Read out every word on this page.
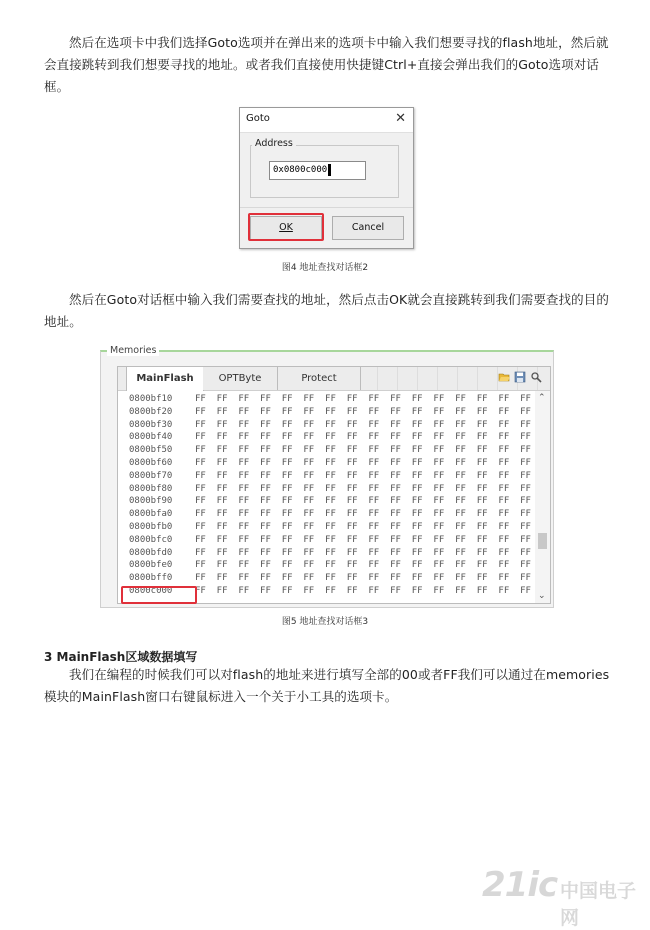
然后在选项卡中我们选择Goto选项并在弹出来的选项卡中输入我们想要寻找的flash地址，然后就会直接跳转到我们想要寻找的地址。或者我们直接使用快捷键Ctrl+直接会弹出我们的Goto选项对话框。
Goto	✕
Address
0x0800c000
OK	Cancel
图4 地址查找对话框2
然后在Goto对话框中输入我们需要查找的地址，然后点击OK就会直接跳转到我们需要查找的目的地址。
MainFlash	OPTByte	Protect
0800bf10	FF  FF  FF  FF  FF  FF  FF  FF  FF  FF  FF  FF  FF  FF  FF  FF
0800bf20	FF  FF  FF  FF  FF  FF  FF  FF  FF  FF  FF  FF  FF  FF  FF  FF
0800bf30	FF  FF  FF  FF  FF  FF  FF  FF  FF  FF  FF  FF  FF  FF  FF  FF
0800bf40	FF  FF  FF  FF  FF  FF  FF  FF  FF  FF  FF  FF  FF  FF  FF  FF
0800bf50	FF  FF  FF  FF  FF  FF  FF  FF  FF  FF  FF  FF  FF  FF  FF  FF
0800bf60	FF  FF  FF  FF  FF  FF  FF  FF  FF  FF  FF  FF  FF  FF  FF  FF
0800bf70	FF  FF  FF  FF  FF  FF  FF  FF  FF  FF  FF  FF  FF  FF  FF  FF
0800bf80	FF  FF  FF  FF  FF  FF  FF  FF  FF  FF  FF  FF  FF  FF  FF  FF
0800bf90	FF  FF  FF  FF  FF  FF  FF  FF  FF  FF  FF  FF  FF  FF  FF  FF
0800bfa0	FF  FF  FF  FF  FF  FF  FF  FF  FF  FF  FF  FF  FF  FF  FF  FF
0800bfb0	FF  FF  FF  FF  FF  FF  FF  FF  FF  FF  FF  FF  FF  FF  FF  FF
0800bfc0	FF  FF  FF  FF  FF  FF  FF  FF  FF  FF  FF  FF  FF  FF  FF  FF
0800bfd0	FF  FF  FF  FF  FF  FF  FF  FF  FF  FF  FF  FF  FF  FF  FF  FF
0800bfe0	FF  FF  FF  FF  FF  FF  FF  FF  FF  FF  FF  FF  FF  FF  FF  FF
0800bff0	FF  FF  FF  FF  FF  FF  FF  FF  FF  FF  FF  FF  FF  FF  FF  FF
0800c000	FF  FF  FF  FF  FF  FF  FF  FF  FF  FF  FF  FF  FF  FF  FF  FF
⌃
⌄
Memories
图5 地址查找对话框3
3 MainFlash区域数据填写
我们在编程的时候我们可以对flash的地址来进行填写全部的00或者FF我们可以通过在memories模块的MainFlash窗口右键鼠标进入一个关于小工具的选项卡。
21ic 中国电子网
